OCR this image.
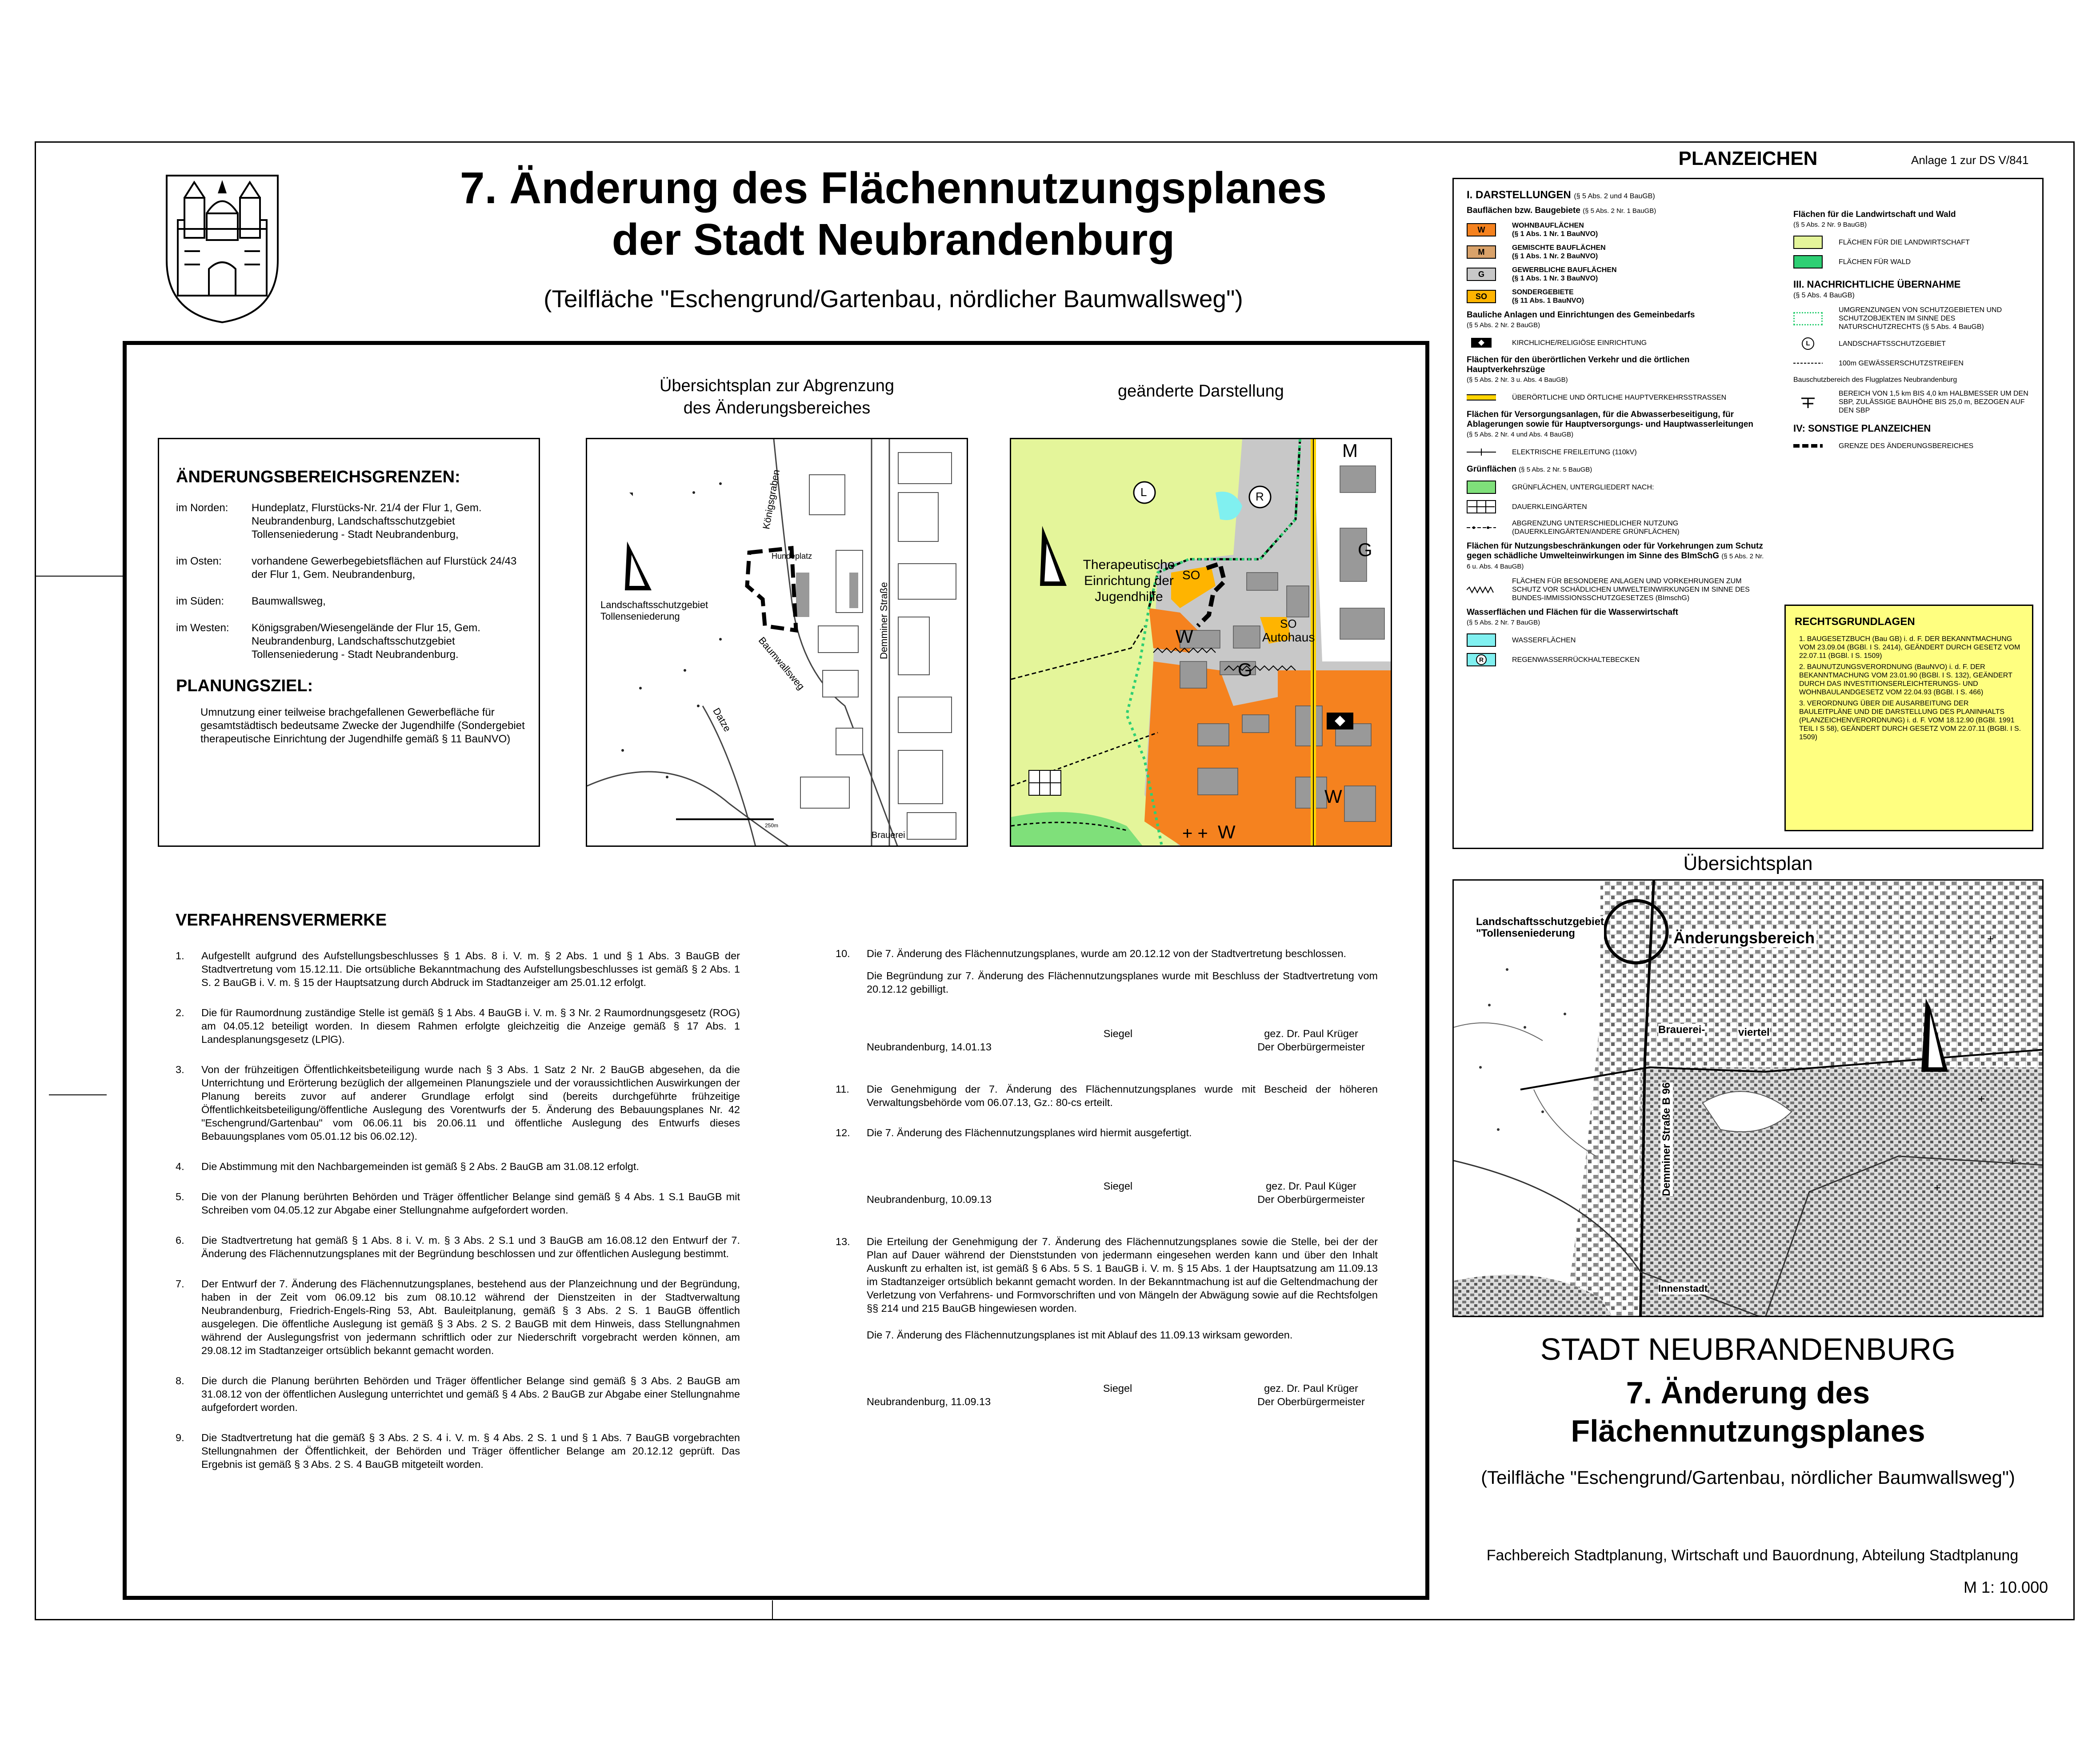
7. Änderung des Flächennutzungsplanes
der Stadt Neubrandenburg
(Teilfläche "Eschengrund/Gartenbau, nördlicher Baumwallsweg")
Übersichtsplan zur Abgrenzung
des Änderungsbereiches
geänderte Darstellung
ÄNDERUNGSBEREICHSGRENZEN:
im Norden:	Hundeplatz, Flurstücks-Nr. 21/4 der Flur 1, Gem. Neubrandenburg, Landschaftsschutzgebiet Tollenseniederung - Stadt Neubrandenburg,
im Osten:	vorhandene Gewerbegebietsflächen auf Flurstück 24/43 der Flur 1, Gem. Neubrandenburg,
im Süden:	Baumwallsweg,
im Westen:	Königsgraben/Wiesengelände der Flur 15, Gem. Neubrandenburg, Landschaftsschutzgebiet Tollenseniederung - Stadt Neubrandenburg.
PLANUNGSZIEL:
Umnutzung einer teilweise brachgefallenen Gewerbefläche für gesamtstädtisch bedeutsame Zwecke der Jugendhilfe (Sondergebiet therapeutische Einrichtung der Jugendhilfe gemäß § 11 BauNVO)
Königsgraben
Hundeplatz
Demminer Straße
Baumwallsweg
Landschaftsschutzgebiet
Tollenseniederung
Datze
Brauerei
250m	+ +
Therapeutische
Einrichtung der
Jugendhilfe
SO
SO
Autohaus
W
W
W
G
G
M
L	R
VERFAHRENSVERMERKE
1.	Aufgestellt aufgrund des Aufstellungsbeschlusses § 1 Abs. 8 i. V. m. § 2 Abs. 1 und § 1 Abs. 3 BauGB der Stadtvertretung vom 15.12.11. Die ortsübliche Bekanntmachung des Aufstellungsbeschlusses ist gemäß § 2 Abs. 1 S. 2 BauGB i. V. m. § 15 der Hauptsatzung durch Abdruck im Stadtanzeiger am 25.01.12 erfolgt.
2.	Die für Raumordnung zuständige Stelle ist gemäß § 1 Abs. 4 BauGB i. V. m. § 3 Nr. 2 Raumordnungsgesetz (ROG) am 04.05.12 beteiligt worden. In diesem Rahmen erfolgte gleichzeitig die Anzeige gemäß § 17 Abs. 1 Landesplanungsgesetz (LPlG).
3.	Von der frühzeitigen Öffentlichkeitsbeteiligung wurde nach § 3 Abs. 1 Satz 2 Nr. 2 BauGB abgesehen, da die Unterrichtung und Erörterung bezüglich der allgemeinen Planungsziele und der voraussichtlichen Auswirkungen der Planung bereits zuvor auf anderer Grundlage erfolgt sind (bereits durchgeführte frühzeitige Öffentlichkeitsbeteiligung/öffentliche Auslegung des Vorentwurfs der 5. Änderung des Bebauungsplanes Nr. 42 "Eschengrund/Gartenbau" vom 06.06.11 bis 20.06.11 und öffentliche Auslegung des Entwurfs dieses Bebauungsplanes vom 05.01.12 bis 06.02.12).
4.	Die Abstimmung mit den Nachbargemeinden ist gemäß § 2 Abs. 2 BauGB am 31.08.12 erfolgt.
5.	Die von der Planung berührten Behörden und Träger öffentlicher Belange sind gemäß § 4 Abs. 1 S.1 BauGB mit Schreiben vom 04.05.12 zur Abgabe einer Stellungnahme aufgefordert worden.
6.	Die Stadtvertretung hat gemäß § 1 Abs. 8 i. V. m. § 3 Abs. 2 S.1 und 3 BauGB am 16.08.12 den Entwurf der 7. Änderung des Flächennutzungsplanes mit der Begründung beschlossen und zur öffentlichen Auslegung bestimmt.
7.	Der Entwurf der 7. Änderung des Flächennutzungsplanes, bestehend aus der Planzeichnung und der Begründung, haben in der Zeit vom 06.09.12 bis zum 08.10.12 während der Dienstzeiten in der Stadtverwaltung Neubrandenburg, Friedrich-Engels-Ring 53, Abt. Bauleitplanung, gemäß § 3 Abs. 2 S. 1 BauGB öffentlich ausgelegen. Die öffentliche Auslegung ist gemäß § 3 Abs. 2 S. 2 BauGB mit dem Hinweis, dass Stellungnahmen während der Auslegungsfrist von jedermann schriftlich oder zur Niederschrift vorgebracht werden können, am 29.08.12 im Stadtanzeiger ortsüblich bekannt gemacht worden.
8.	Die durch die Planung berührten Behörden und Träger öffentlicher Belange sind gemäß § 3 Abs. 2 BauGB am 31.08.12 von der öffentlichen Auslegung unterrichtet und gemäß § 4 Abs. 2 BauGB zur Abgabe einer Stellungnahme aufgefordert worden.
9.	Die Stadtvertretung hat die gemäß § 3 Abs. 2 S. 4 i. V. m. § 4 Abs. 2 S. 1 und § 1 Abs. 7 BauGB vorgebrachten Stellungnahmen der Öffentlichkeit, der Behörden und Träger öffentlicher Belange am 20.12.12 geprüft. Das Ergebnis ist gemäß § 3 Abs. 2 S. 4 BauGB mitgeteilt worden.
10.	Die 7. Änderung des Flächennutzungsplanes, wurde am 20.12.12 von der Stadtvertretung beschlossen.
Die Begründung zur 7. Änderung des Flächennutzungsplanes wurde mit Beschluss der Stadtvertretung vom 20.12.12 gebilligt.
Neubrandenburg, 14.01.13
Siegel	gez. Dr. Paul Krüger
Der Oberbürgermeister
11.	Die Genehmigung der 7. Änderung des Flächennutzungsplanes wurde mit Bescheid der höheren Verwaltungsbehörde vom 06.07.13, Gz.: 80-cs erteilt.
12.	Die 7. Änderung des Flächennutzungsplanes wird hiermit ausgefertigt.
Neubrandenburg, 10.09.13
Siegel	gez. Dr. Paul Küger
Der Oberbürgermeister
13.	Die Erteilung der Genehmigung der 7. Änderung des Flächennutzungsplanes sowie die Stelle, bei der der Plan auf Dauer während der Dienststunden von jedermann eingesehen werden kann und über den Inhalt Auskunft zu erhalten ist, ist gemäß § 6 Abs. 5 S. 1 BauGB i. V. m. § 15 Abs. 1 der Hauptsatzung am 11.09.13 im Stadtanzeiger ortsüblich bekannt gemacht worden. In der Bekanntmachung ist auf die Geltendmachung der Verletzung von Verfahrens- und Formvorschriften und von Mängeln der Abwägung sowie auf die Rechtsfolgen §§ 214 und 215 BauGB hingewiesen worden.
Die 7. Änderung des Flächennutzungsplanes ist mit Ablauf des 11.09.13 wirksam geworden.
Neubrandenburg, 11.09.13
Siegel	gez. Dr. Paul Krüger
Der Oberbürgermeister
PLANZEICHEN	Anlage 1 zur DS V/841
I. DARSTELLUNGEN (§ 5 Abs. 2 und 4 BauGB)
Bauflächen bzw. Baugebiete (§ 5 Abs. 2 Nr. 1 BauGB)
W	WOHNBAUFLÄCHEN
(§ 1 Abs. 1 Nr. 1 BauNVO)
M	GEMISCHTE BAUFLÄCHEN
(§ 1 Abs. 1 Nr. 2 BauNVO)
G	GEWERBLICHE BAUFLÄCHEN
(§ 1 Abs. 1 Nr. 3 BauNVO)
SO	SONDERGEBIETE
(§ 11 Abs. 1 BauNVO)
Bauliche Anlagen und Einrichtungen des Gemeinbedarfs
(§ 5 Abs. 2 Nr. 2 BauGB)
KIRCHLICHE/RELIGIÖSE EINRICHTUNG
Flächen für den überörtlichen Verkehr und die örtlichen Hauptverkehrszüge
(§ 5 Abs. 2 Nr. 3 u. Abs. 4 BauGB)
ÜBERÖRTLICHE UND ÖRTLICHE HAUPTVERKEHRSSTRASSEN
Flächen für Versorgungsanlagen, für die Abwasserbeseitigung, für Ablagerungen sowie für Hauptversorgungs- und Hauptwasserleitungen
(§ 5 Abs. 2 Nr. 4 und Abs. 4 BauGB)
ELEKTRISCHE FREILEITUNG (110kV)
Grünflächen (§ 5 Abs. 2 Nr. 5 BauGB)
GRÜNFLÄCHEN, UNTERGLIEDERT NACH:
DAUERKLEINGÄRTEN
ABGRENZUNG UNTERSCHIEDLICHER NUTZUNG (DAUERKLEINGÄRTEN/ANDERE GRÜNFLÄCHEN)
Flächen für Nutzungsbeschränkungen oder für Vorkehrungen zum Schutz gegen schädliche Umwelteinwirkungen im Sinne des BImSchG (§ 5 Abs. 2 Nr. 6 u. Abs. 4 BauGB)
FLÄCHEN FÜR BESONDERE ANLAGEN UND VORKEHRUNGEN ZUM SCHUTZ VOR SCHÄDLICHEN UMWELTEINWIRKUNGEN IM SINNE DES BUNDES-IMMISSIONSSCHUTZGESETZES (BImschG)
Wasserflächen und Flächen für die Wasserwirtschaft
(§ 5 Abs. 2 Nr. 7 BauGB)
WASSERFLÄCHEN
R	REGENWASSERRÜCKHALTEBECKEN
Flächen für die Landwirtschaft und Wald
(§ 5 Abs. 2 Nr. 9 BauGB)
FLÄCHEN FÜR DIE LANDWIRTSCHAFT
FLÄCHEN FÜR WALD
III. NACHRICHTLICHE ÜBERNAHME
(§ 5 Abs. 4 BauGB)
UMGRENZUNGEN VON SCHUTZGEBIETEN UND SCHUTZOBJEKTEN IM SINNE DES NATURSCHUTZRECHTS (§ 5 Abs. 4 BauGB)
L	LANDSCHAFTSSCHUTZGEBIET
100m GEWÄSSERSCHUTZSTREIFEN
Bauschutzbereich des Flugplatzes Neubrandenburg
BEREICH VON 1,5 km BIS 4,0 km HALBMESSER UM DEN SBP, ZULÄSSIGE BAUHÖHE BIS 25,0 m, BEZOGEN AUF DEN SBP
IV: SONSTIGE PLANZEICHEN
GRENZE DES ÄNDERUNGSBEREICHES
RECHTSGRUNDLAGEN
1. BAUGESETZBUCH (Bau GB) i. d. F. DER BEKANNTMACHUNG VOM 23.09.04 (BGBl. I S. 2414), GEÄNDERT DURCH GESETZ VOM 22.07.11 (BGBl. I S. 1509)
2. BAUNUTZUNGSVERORDNUNG (BauNVO) i. d. F. DER BEKANNTMACHUNG VOM 23.01.90 (BGBl. I S. 132), GEÄNDERT DURCH DAS INVESTITIONSERLEICHTERUNGS- UND WOHNBAULANDGESETZ VOM 22.04.93 (BGBl. I S. 466)
3. VERORDNUNG ÜBER DIE AUSARBEITUNG DER BAULEITPLÄNE UND DIE DARSTELLUNG DES PLANINHALTS (PLANZEICHENVERORDNUNG) i. d. F. VOM 18.12.90 (BGBl. 1991 TEIL I S 58), GEÄNDERT DURCH GESETZ VOM 22.07.11 (BGBl. I S. 1509)
Übersichtsplan
+
+
+
+
Landschaftsschutzgebiet
"Tollenseniederung	Änderungsbereich
Brauerei-	viertel
Demminer Straße B 96
Innenstadt
STADT NEUBRANDENBURG
7. Änderung des
Flächennutzungsplanes
(Teilfläche "Eschengrund/Gartenbau, nördlicher Baumwallsweg")
Fachbereich Stadtplanung, Wirtschaft und Bauordnung, Abteilung Stadtplanung
M 1: 10.000
